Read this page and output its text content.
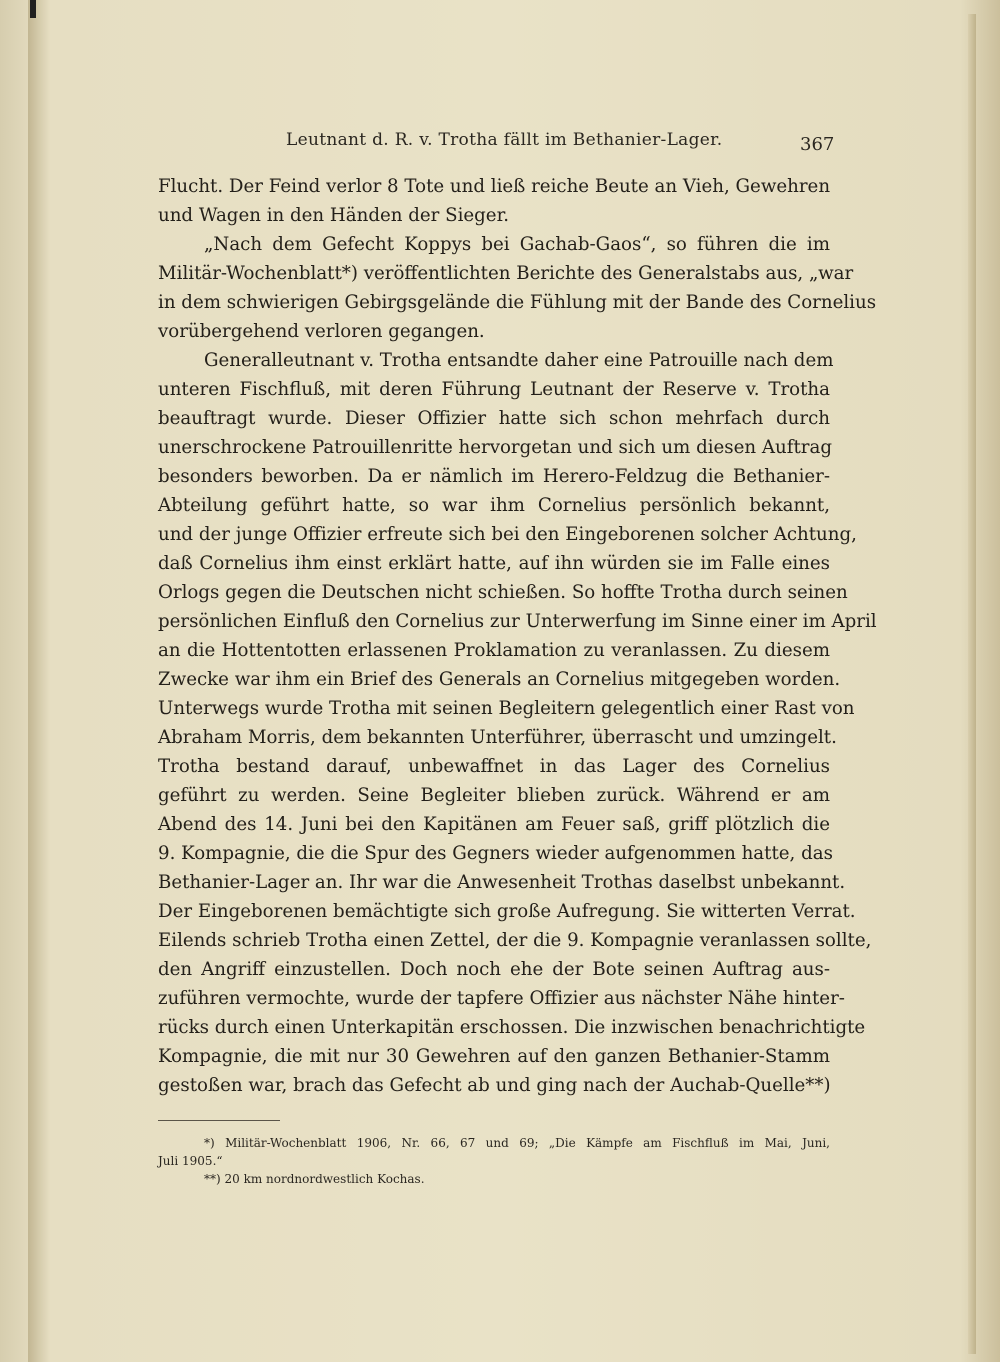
Leutnant d. R. v. Trotha fällt im Bethanier-Lager.	367
Flucht. Der Feind verlor 8 Tote und ließ reiche Beute an Vieh, Gewehren
und Wagen in den Händen der Sieger.
„Nach dem Gefecht Koppys bei Gachab-Gaos“, so führen die im
Militär-Wochenblatt*) veröffentlichten Berichte des Generalstabs aus, „war
in dem schwierigen Gebirgsgelände die Fühlung mit der Bande des Cornelius
vorübergehend verloren gegangen.
Generalleutnant v. Trotha entsandte daher eine Patrouille nach dem
unteren Fischfluß, mit deren Führung Leutnant der Reserve v. Trotha
beauftragt wurde. Dieser Offizier hatte sich schon mehrfach durch
unerschrockene Patrouillenritte hervorgetan und sich um diesen Auftrag
besonders beworben. Da er nämlich im Herero-Feldzug die Bethanier-
Abteilung geführt hatte, so war ihm Cornelius persönlich bekannt,
und der junge Offizier erfreute sich bei den Eingeborenen solcher Achtung,
daß Cornelius ihm einst erklärt hatte, auf ihn würden sie im Falle eines
Orlogs gegen die Deutschen nicht schießen. So hoffte Trotha durch seinen
persönlichen Einfluß den Cornelius zur Unterwerfung im Sinne einer im April
an die Hottentotten erlassenen Proklamation zu veranlassen. Zu diesem
Zwecke war ihm ein Brief des Generals an Cornelius mitgegeben worden.
Unterwegs wurde Trotha mit seinen Begleitern gelegentlich einer Rast von
Abraham Morris, dem bekannten Unterführer, überrascht und umzingelt.
Trotha bestand darauf, unbewaffnet in das Lager des Cornelius
geführt zu werden. Seine Begleiter blieben zurück. Während er am
Abend des 14. Juni bei den Kapitänen am Feuer saß, griff plötzlich die
9. Kompagnie, die die Spur des Gegners wieder aufgenommen hatte, das
Bethanier-Lager an. Ihr war die Anwesenheit Trothas daselbst unbekannt.
Der Eingeborenen bemächtigte sich große Aufregung. Sie witterten Verrat.
Eilends schrieb Trotha einen Zettel, der die 9. Kompagnie veranlassen sollte,
den Angriff einzustellen. Doch noch ehe der Bote seinen Auftrag aus-
zuführen vermochte, wurde der tapfere Offizier aus nächster Nähe hinter-
rücks durch einen Unterkapitän erschossen. Die inzwischen benachrichtigte
Kompagnie, die mit nur 30 Gewehren auf den ganzen Bethanier-Stamm
gestoßen war, brach das Gefecht ab und ging nach der Auchab-Quelle**)
*) Militär-Wochenblatt 1906, Nr. 66, 67 und 69; „Die Kämpfe am Fischfluß im Mai, Juni,
Juli 1905.“
**) 20 km nordnordwestlich Kochas.
